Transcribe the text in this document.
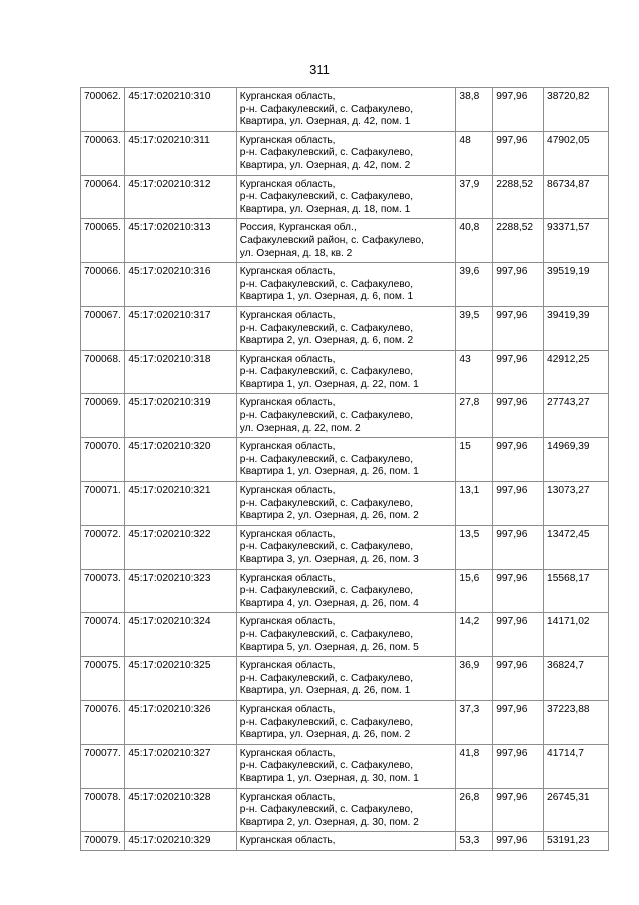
311
700062.	45:17:020210:310	Курганская область,
р-н. Сафакулевский, с. Сафакулево,
Квартира, ул. Озерная, д. 42, пом. 1	38,8	997,96	38720,82
700063.	45:17:020210:311	Курганская область,
р-н. Сафакулевский, с. Сафакулево,
Квартира, ул. Озерная, д. 42, пом. 2	48	997,96	47902,05
700064.	45:17:020210:312	Курганская область,
р-н. Сафакулевский, с. Сафакулево,
Квартира, ул. Озерная, д. 18, пом. 1	37,9	2288,52	86734,87
700065.	45:17:020210:313	Россия, Курганская обл.,
Сафакулевский район, с. Сафакулево,
ул. Озерная, д. 18, кв. 2	40,8	2288,52	93371,57
700066.	45:17:020210:316	Курганская область,
р-н. Сафакулевский, с. Сафакулево,
Квартира 1, ул. Озерная, д. 6, пом. 1	39,6	997,96	39519,19
700067.	45:17:020210:317	Курганская область,
р-н. Сафакулевский, с. Сафакулево,
Квартира 2, ул. Озерная, д. 6, пом. 2	39,5	997,96	39419,39
700068.	45:17:020210:318	Курганская область,
р-н. Сафакулевский, с. Сафакулево,
Квартира 1, ул. Озерная, д. 22, пом. 1	43	997,96	42912,25
700069.	45:17:020210:319	Курганская область,
р-н. Сафакулевский, с. Сафакулево,
ул. Озерная, д. 22, пом. 2	27,8	997,96	27743,27
700070.	45:17:020210:320	Курганская область,
р-н. Сафакулевский, с. Сафакулево,
Квартира 1, ул. Озерная, д. 26, пом. 1	15	997,96	14969,39
700071.	45:17:020210:321	Курганская область,
р-н. Сафакулевский, с. Сафакулево,
Квартира 2, ул. Озерная, д. 26, пом. 2	13,1	997,96	13073,27
700072.	45:17:020210:322	Курганская область,
р-н. Сафакулевский, с. Сафакулево,
Квартира 3, ул. Озерная, д. 26, пом. 3	13,5	997,96	13472,45
700073.	45:17:020210:323	Курганская область,
р-н. Сафакулевский, с. Сафакулево,
Квартира 4, ул. Озерная, д. 26, пом. 4	15,6	997,96	15568,17
700074.	45:17:020210:324	Курганская область,
р-н. Сафакулевский, с. Сафакулево,
Квартира 5, ул. Озерная, д. 26, пом. 5	14,2	997,96	14171,02
700075.	45:17:020210:325	Курганская область,
р-н. Сафакулевский, с. Сафакулево,
Квартира, ул. Озерная, д. 26, пом. 1	36,9	997,96	36824,7
700076.	45:17:020210:326	Курганская область,
р-н. Сафакулевский, с. Сафакулево,
Квартира, ул. Озерная, д. 26, пом. 2	37,3	997,96	37223,88
700077.	45:17:020210:327	Курганская область,
р-н. Сафакулевский, с. Сафакулево,
Квартира 1, ул. Озерная, д. 30, пом. 1	41,8	997,96	41714,7
700078.	45:17:020210:328	Курганская область,
р-н. Сафакулевский, с. Сафакулево,
Квартира 2, ул. Озерная, д. 30, пом. 2	26,8	997,96	26745,31
700079.	45:17:020210:329	Курганская область,	53,3	997,96	53191,23
